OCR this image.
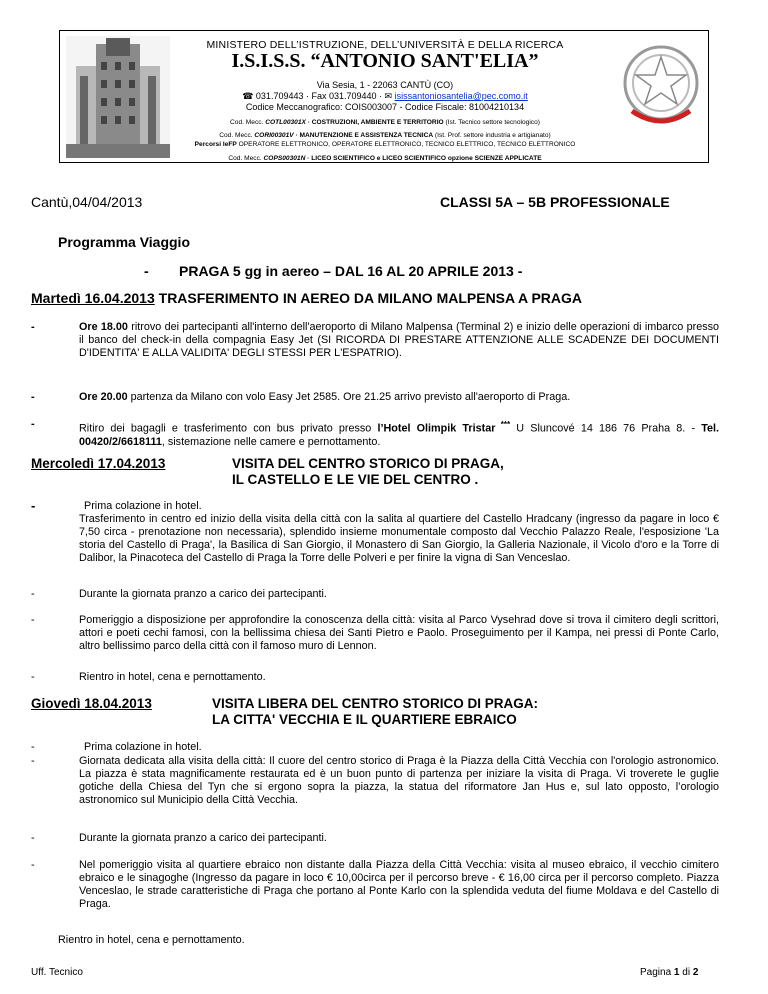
MINISTERO DELL’ISTRUZIONE, DELL’UNIVERSITÀ E DELLA RICERCA
I.S.I.S.S. “ANTONIO SANT'ELIA”
Via Sesia, 1 - 22063 CANTÙ (CO)
☎ 031.709443 · Fax 031.709440 · ✉ isissantoniosantelia@pec.como.it
Codice Meccanografico: COIS003007 - Codice Fiscale: 81004210134
Cod. Mecc. COTL00301X · COSTRUZIONI, AMBIENTE E TERRITORIO (Ist. Tecnico settore tecnologico)
Cod. Mecc. CORI00301V · MANUTENZIONE E ASSISTENZA TECNICA (Ist. Prof. settore industria e artigianato)
Percorsi IeFP OPERATORE ELETTRONICO, OPERATORE ELETTRONICO, TECNICO ELETTRICO, TECNICO ELETTRONICO
Cod. Mecc. COPS00301N · LICEO SCIENTIFICO e LICEO SCIENTIFICO opzione SCIENZE APPLICATE
Cantù,04/04/2013	CLASSI 5A – 5B PROFESSIONALE
Programma Viaggio
- PRAGA 5 gg in aereo – DAL 16 AL 20 APRILE 2013 -
Martedì 16.04.2013 TRASFERIMENTO IN AEREO DA MILANO MALPENSA A PRAGA
-	Ore 18.00 ritrovo dei partecipanti all'interno dell'aeroporto di Milano Malpensa (Terminal 2) e inizio delle operazioni di imbarco presso il banco del check-in della compagnia Easy Jet (SI RICORDA DI PRESTARE ATTENZIONE ALLE SCADENZE DEI DOCUMENTI D'IDENTITA' E ALLA VALIDITA' DEGLI STESSI PER L'ESPATRIO).
-	Ore 20.00 partenza da Milano con volo Easy Jet 2585. Ore 21.25 arrivo previsto all'aeroporto di Praga.
-	Ritiro dei bagagli e trasferimento con bus privato presso l’Hotel Olimpik Tristar *** U Sluncové 14 186 76 Praha 8. - Tel. 00420/2/6618111, sistemazione nelle camere e pernottamento.
Mercoledì 17.04.2013	VISITA DEL CENTRO STORICO DI PRAGA,
IL CASTELLO E LE VIE DEL CENTRO .
-	Prima colazione in hotel.
Trasferimento in centro ed inizio della visita della città con la salita al quartiere del Castello Hradcany (ingresso da pagare in loco € 7,50 circa - prenotazione non necessaria), splendido insieme monumentale composto dal Vecchio Palazzo Reale, l'esposizione 'La storia del Castello di Praga', la Basilica di San Giorgio, il Monastero di San Giorgio, la Galleria Nazionale, il Vicolo d'oro e la Torre di Dalibor, la Pinacoteca del Castello di Praga la Torre delle Polveri e per finire la vigna di San Venceslao.
-	Durante la giornata pranzo a carico dei partecipanti.
-	Pomeriggio a disposizione per approfondire la conoscenza della città: visita al Parco Vysehrad dove si trova il cimitero degli scrittori, attori e poeti cechi famosi, con la bellissima chiesa dei Santi Pietro e Paolo. Proseguimento per il Kampa, nei pressi di Ponte Carlo, altro bellissimo parco della città con il famoso muro di Lennon.
-	Rientro in hotel, cena e pernottamento.
Giovedì 18.04.2013	VISITA LIBERA DEL CENTRO STORICO DI PRAGA:
LA CITTA' VECCHIA E IL QUARTIERE EBRAICO
-	Prima colazione in hotel.
-	Giornata dedicata alla visita della città: Il cuore del centro storico di Praga è la Piazza della Città Vecchia con l'orologio astronomico. La piazza è stata magnificamente restaurata ed è un buon punto di partenza per iniziare la visita di Praga. Vi troverete le guglie gotiche della Chiesa del Tyn che si ergono sopra la piazza, la statua del riformatore Jan Hus e, sul lato opposto, l’orologio astronomico sul Municipio della Città Vecchia.
-	Durante la giornata pranzo a carico dei partecipanti.
-	Nel pomeriggio visita al quartiere ebraico non distante dalla Piazza della Città Vecchia: visita al museo ebraico, il vecchio cimitero ebraico e le sinagoghe (Ingresso da pagare in loco € 10,00circa per il percorso breve - € 16,00 circa per il percorso completo. Piazza Venceslao, le strade caratteristiche di Praga che portano al Ponte Karlo con la splendida veduta del fiume Moldava e del Castello di Praga.
Rientro in hotel, cena e pernottamento.
Uff. Tecnico	Pagina 1 di 2
